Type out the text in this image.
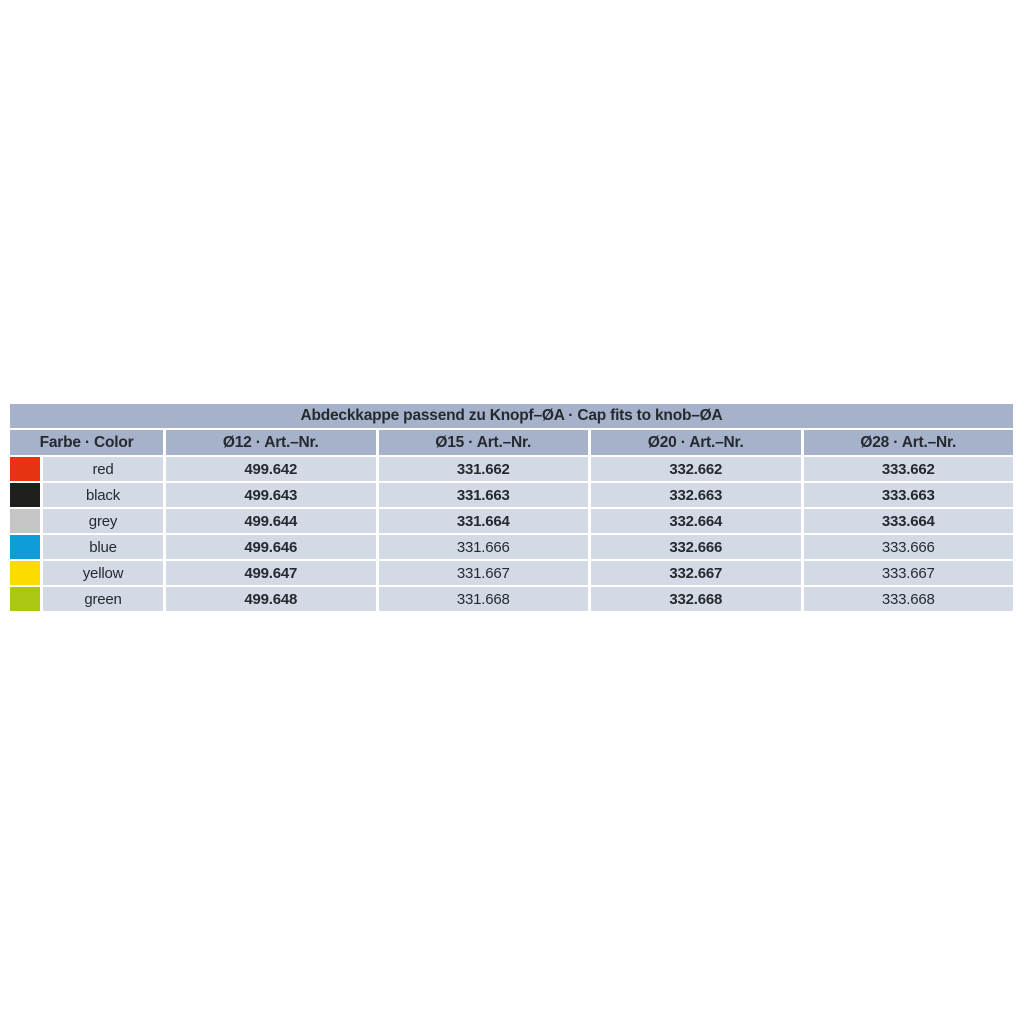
Abdeckkappe passend zu Knopf–ØA · Cap fits to knob–ØA
Farbe · Color	Ø12 · Art.–Nr.	Ø15 · Art.–Nr.	Ø20 · Art.–Nr.	Ø28 · Art.–Nr.
red	499.642	331.662	332.662	333.662
black	499.643	331.663	332.663	333.663
grey	499.644	331.664	332.664	333.664
blue	499.646	331.666	332.666	333.666
yellow	499.647	331.667	332.667	333.667
green	499.648	331.668	332.668	333.668
